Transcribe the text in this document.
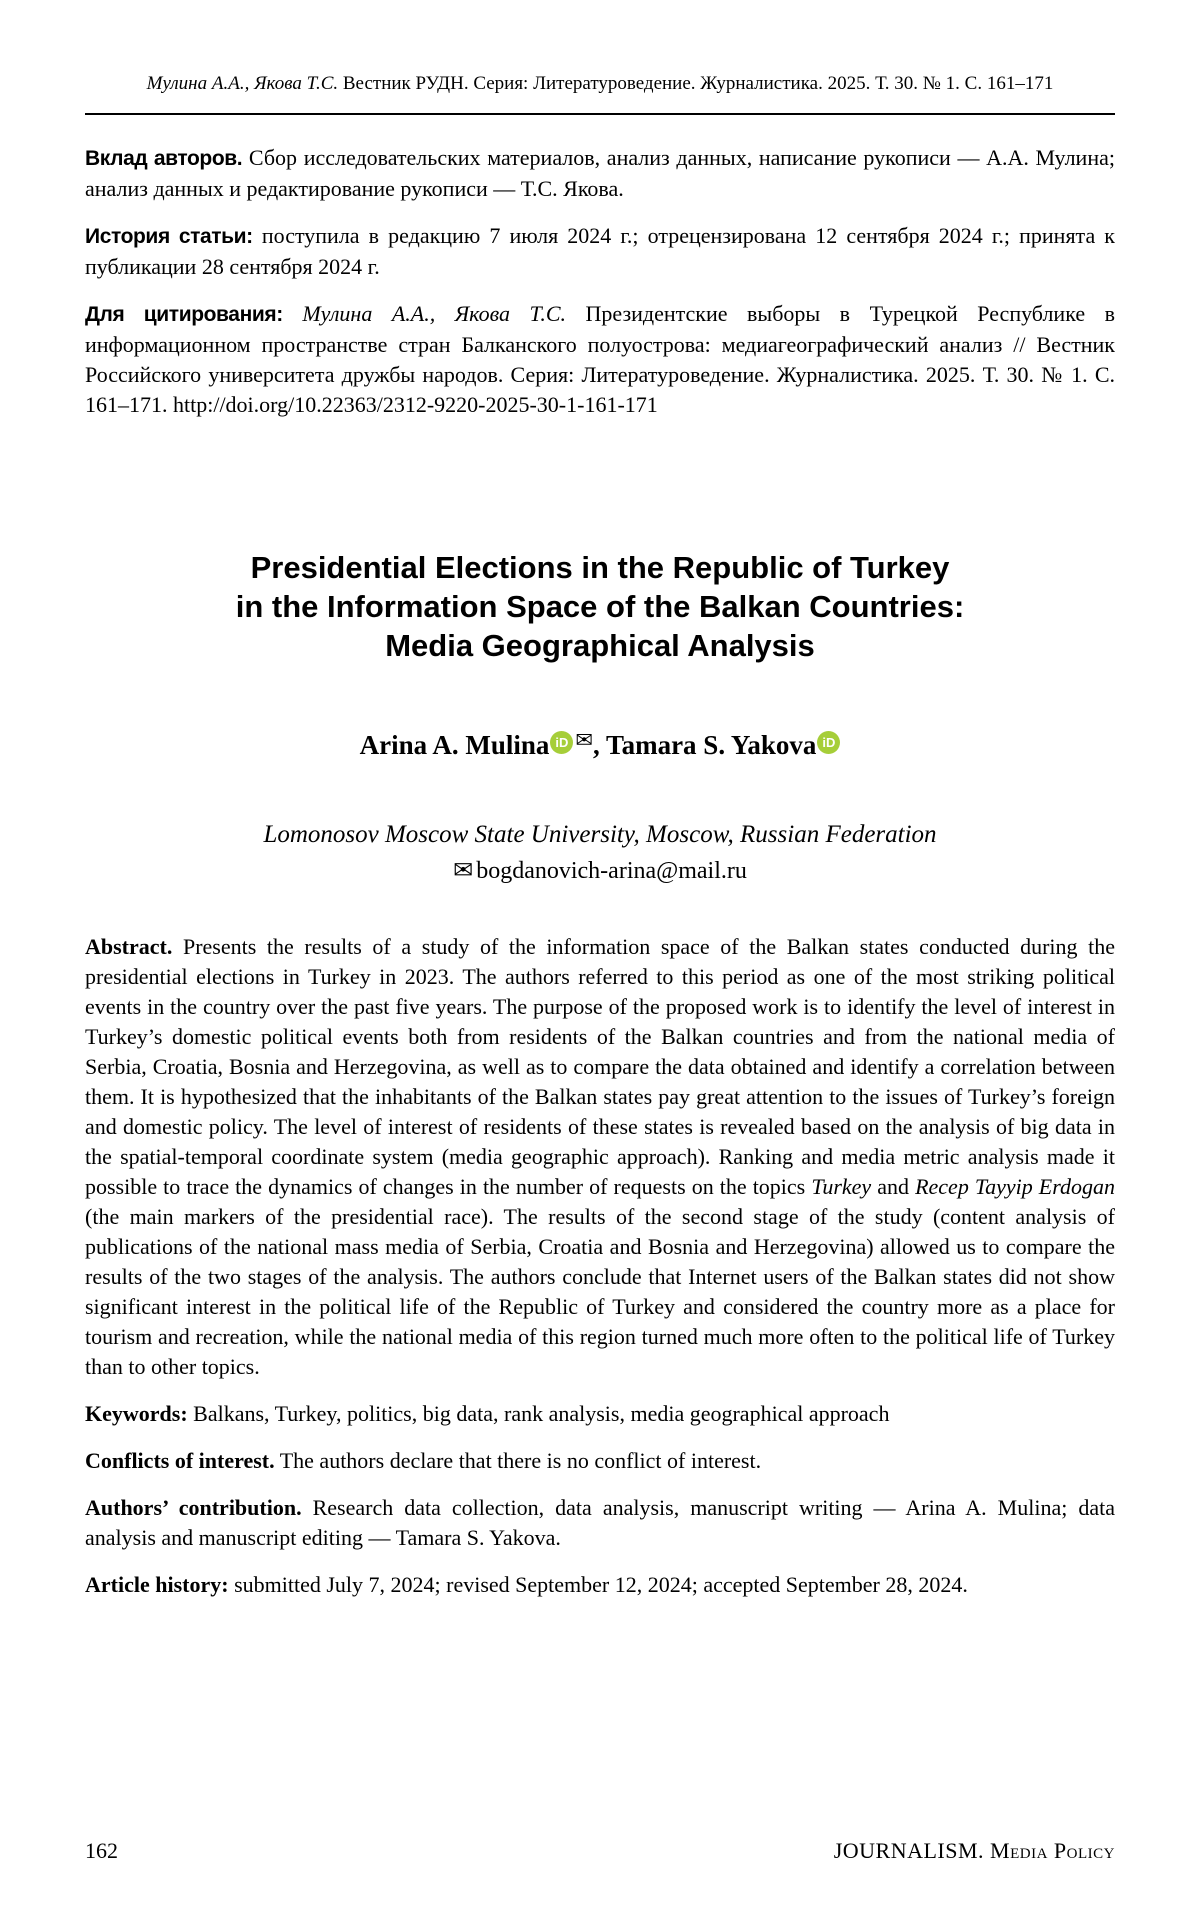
Мулина А.А., Якова Т.С. Вестник РУДН. Серия: Литературоведение. Журналистика. 2025. Т. 30. № 1. С. 161–171

Вклад авторов. Сбор исследовательских материалов, анализ данных, написание рукописи — А.А. Мулина; анализ данных и редактирование рукописи — Т.С. Якова.

История статьи: поступила в редакцию 7 июля 2024 г.; отрецензирована 12 сентября 2024 г.; принята к публикации 28 сентября 2024 г.

Для цитирования: Мулина А.А., Якова Т.С. Президентские выборы в Турецкой Республике в информационном пространстве стран Балканского полуострова: медиагеографический анализ // Вестник Российского университета дружбы народов. Серия: Литературоведение. Журналистика. 2025. Т. 30. № 1. С. 161–171. http://doi.org/10.22363/2312-9220-2025-30-1-161-171

Presidential Elections in the Republic of Turkey
in the Information Space of the Balkan Countries:
Media Geographical Analysis

Arina A. Mulina iD ✉, Tamara S. Yakova iD

Lomonosov Moscow State University, Moscow, Russian Federation

✉ bogdanovich-arina@mail.ru

Abstract. Presents the results of a study of the information space of the Balkan states conducted during the presidential elections in Turkey in 2023. The authors referred to this period as one of the most striking political events in the country over the past five years. The purpose of the proposed work is to identify the level of interest in Turkey’s domestic political events both from residents of the Balkan countries and from the national media of Serbia, Croatia, Bosnia and Herzegovina, as well as to compare the data obtained and identify a correlation between them. It is hypothesized that the inhabitants of the Balkan states pay great attention to the issues of Turkey’s foreign and domestic policy. The level of interest of residents of these states is revealed based on the analysis of big data in the spatial-temporal coordinate system (media geographic approach). Ranking and media metric analysis made it possible to trace the dynamics of changes in the number of requests on the topics Turkey and Recep Tayyip Erdogan (the main markers of the presidential race). The results of the second stage of the study (content analysis of publications of the national mass media of Serbia, Croatia and Bosnia and Herzegovina) allowed us to compare the results of the two stages of the analysis. The authors conclude that Internet users of the Balkan states did not show significant interest in the political life of the Republic of Turkey and considered the country more as a place for tourism and recreation, while the national media of this region turned much more often to the political life of Turkey than to other topics.

Keywords: Balkans, Turkey, politics, big data, rank analysis, media geographical approach

Conflicts of interest. The authors declare that there is no conflict of interest.

Authors’ contribution. Research data collection, data analysis, manuscript writing — Arina A. Mulina; data analysis and manuscript editing — Tamara S. Yakova.

Article history: submitted July 7, 2024; revised September 12, 2024; accepted September 28, 2024.

162	JOURNALISM. Media Policy
